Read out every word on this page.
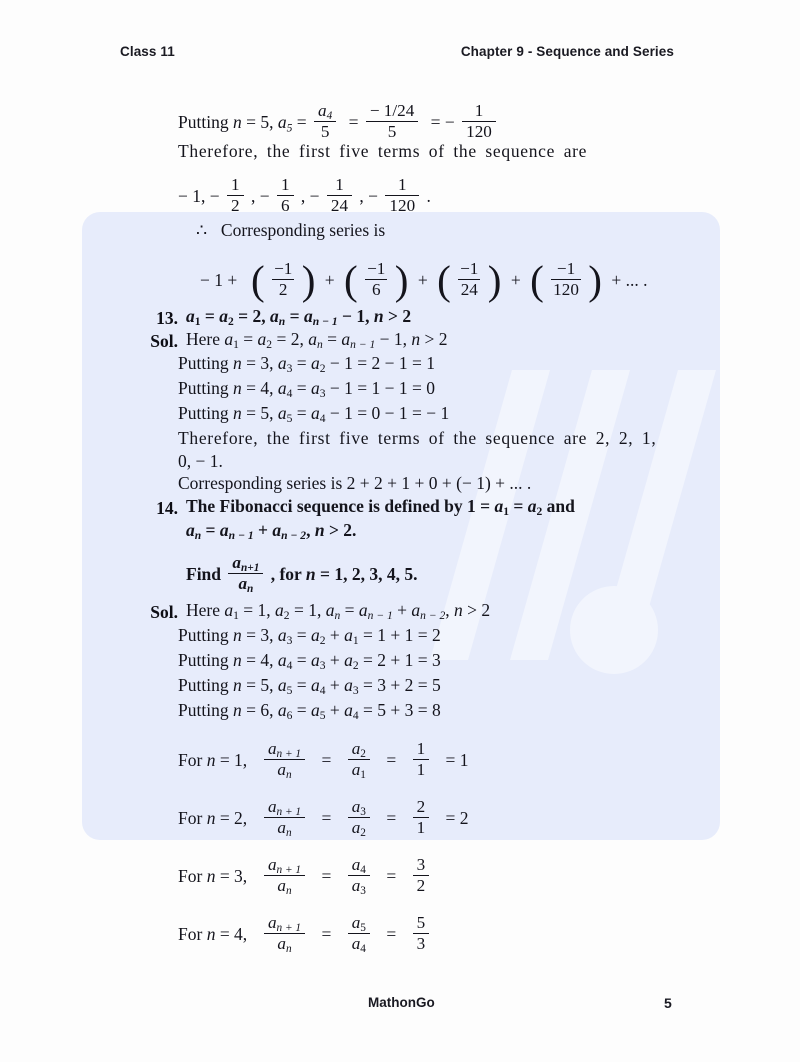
Class 11	Chapter 9 - Sequence and Series
Putting n = 5, $a_5 = \frac{a_4}{5} = \frac{- 1/24}{5}$ = − $\frac{1}{120}$
Therefore, the first five terms of the sequence are
− 1, − $\frac{1}{2}$ , − $\frac{1}{6}$ , − $\frac{1}{24}$ , − $\frac{1}{120}$ .
∴ Corresponding series is
− 1 + ( $\frac{-1}{2}$ ) + ( $\frac{-1}{6}$ ) + ( $\frac{-1}{24}$ ) + ( $\frac{-1}{120}$ ) + ... .
13. $a_1 = a_2 = 2$, $a_n = a_{n - 1} - 1$, n > 2
Sol. Here $a_1 = a_2 = 2$, $a_n = a_{n - 1} - 1$, n > 2
Putting n = 3, $a_3 = a_2 - 1 = 2 - 1 = 1$
Putting n = 4, $a_4 = a_3 - 1 = 1 - 1 = 0$
Putting n = 5, $a_5 = a_4 - 1 = 0 - 1$ = − 1
Therefore, the first five terms of the sequence are 2, 2, 1,
0, − 1.
Corresponding series is 2 + 2 + 1 + 0 + (− 1) + ... .
14. The Fibonacci sequence is defined by $1 = a_1 = a_2$ and
$a_n = a_{n - 1} + a_{n - 2}$, n > 2.
Find $\frac{a_{n+1}}{a_n}$ , for n = 1, 2, 3, 4, 5.
Sol. Here $a_1 = 1$, $a_2 = 1$, $a_n = a_{n - 1} + a_{n - 2}$, n > 2
Putting n = 3, $a_3 = a_2 + a_1 = 1 + 1 = 2$
Putting n = 4, $a_4 = a_3 + a_2 = 2 + 1 = 3$
Putting n = 5, $a_5 = a_4 + a_3 = 3 + 2 = 5$
Putting n = 6, $a_6 = a_5 + a_4 = 5 + 3 = 8$
For n = 1, $\frac{a_{n + 1}}{a_n} = \frac{a_2}{a_1} = \frac{1}{1} = 1$
For n = 2, $\frac{a_{n + 1}}{a_n} = \frac{a_3}{a_2} = \frac{2}{1} = 2$
For n = 3, $\frac{a_{n + 1}}{a_n} = \frac{a_4}{a_3} = \frac{3}{2}$
For n = 4, $\frac{a_{n + 1}}{a_n} = \frac{a_5}{a_4} = \frac{5}{3}$
MathonGo	5
